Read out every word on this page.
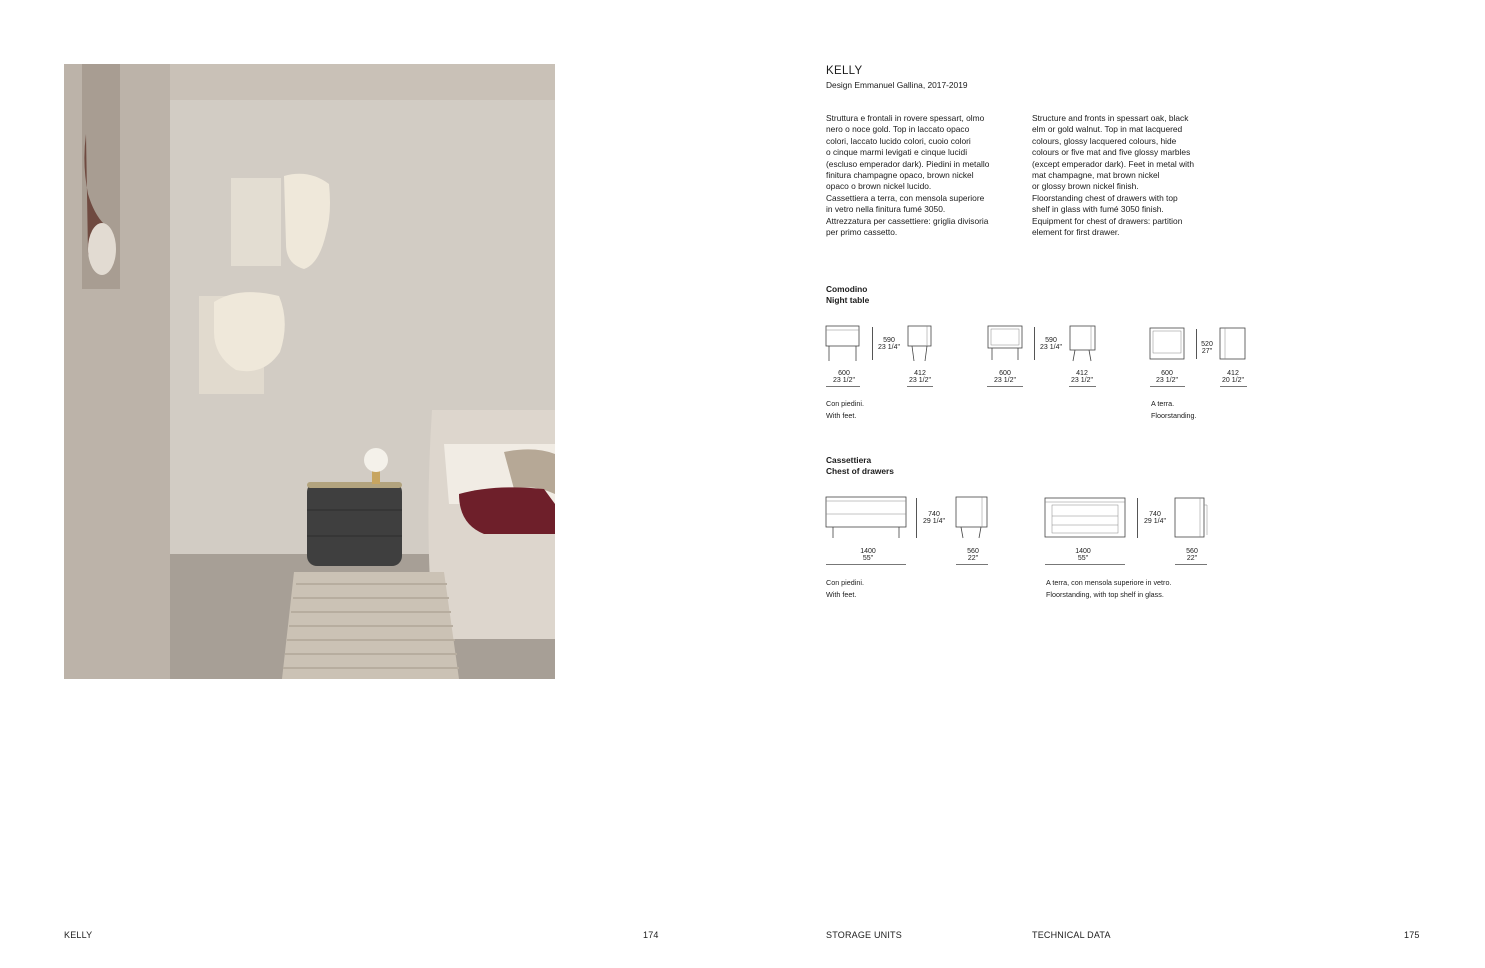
KELLY
Design Emmanuel Gallina, 2017-2019
Struttura e frontali in rovere spessart, olmo
nero o noce gold. Top in laccato opaco
colori, laccato lucido colori, cuoio colori
o cinque marmi levigati e cinque lucidi
(escluso emperador dark). Piedini in metallo
finitura champagne opaco, brown nickel
opaco o brown nickel lucido.
Cassettiera a terra, con mensola superiore
in vetro nella finitura fumé 3050.
Attrezzatura per cassettiere: griglia divisoria
per primo cassetto.
Structure and fronts in spessart oak, black
elm or gold walnut. Top in mat lacquered
colours, glossy lacquered colours, hide
colours or five mat and five glossy marbles
(except emperador dark). Feet in metal with
mat champagne, mat brown nickel
or glossy brown nickel finish.
Floorstanding chest of drawers with top
shelf in glass with fumé 3050 finish.
Equipment for chest of drawers: partition
element for first drawer.
Comodino
Night table
590
23 1/4"
600
23 1/2"
412
23 1/2"
590
23 1/4"
600
23 1/2"
412
23 1/2"
520
27"
600
23 1/2"
412
20 1/2"
Con piedini.
With feet.
A terra.
Floorstanding.
Cassettiera
Chest of drawers
740
29 1/4"
1400
55"
560
22"
740
29 1/4"
1400
55"
560
22"
Con piedini.
With feet.
A terra, con mensola superiore in vetro.
Floorstanding, with top shelf in glass.
KELLY	174	STORAGE UNITS	TECHNICAL DATA	175
